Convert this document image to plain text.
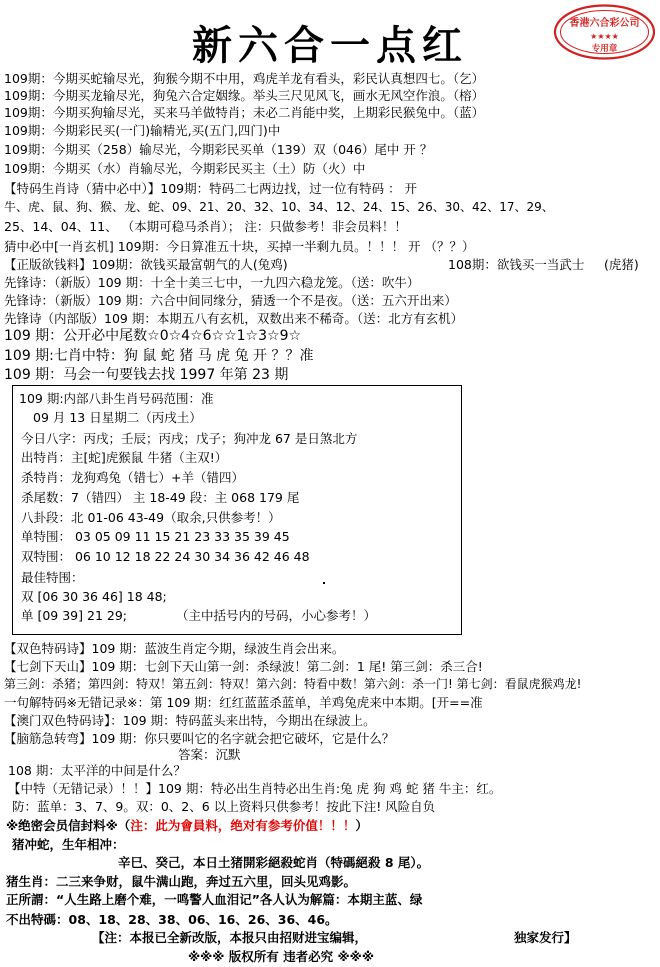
香港六合彩公司
★★★★
专用章
新六合一点红
109期：今期买蛇输尽光，狗猴今期不中用，鸡虎羊龙有看头，彩民认真想四七。（乞）
109期：今期买龙输尽光，狗兔六合定姻缘。举头三尺见风飞，画水无风空作浪。（榕）
109期：今期买狗输尽光，买来马羊做特肖；未必二肖能中奖，上期彩民猴兔中。（蓝）
109期：今期彩民买(一门)输精光,买(五门,四门)中
109期：今期买（258）输尽光，今期彩民买单（139）双（046）尾中 开 ？
109期：今期买（水）肖输尽光，今期彩民买主（土）防（火）中
【特码生肖诗（猜中必中）】109期：特码二七两边找，过一位有特码 ： 开
牛、虎、鼠、狗、猴、龙、蛇、09、21、20、32、10、34、12、24、15、26、30、42、17、29、
25、14、04、11、 （本期可稳马杀肖）； 注：只做参考！非会员料！！
猜中必中[一肖玄机] 109期：今日算准五十块，买掉一半剩九员。！！！ 开 （？？）
【正版欲钱料】109期：欲钱买最富朝气的人(兔鸡)	108期：欲钱买一当武士 (虎猪)
先锋诗：（新版）109 期：十全十美三七中，一九四六稳龙笼。（送：吹牛）
先锋诗：（新版）109 期：六合中间同缘分，猜透一个不是夜。（送：五六开出来）
先锋诗（内部版）109 期：本期五八有玄机，双数出来不稀奇。（送：北方有玄机）
109 期：公开必中尾数☆0☆4☆6☆☆1☆3☆9☆
109 期:七肖中特：狗 鼠 蛇 猪 马 虎 兔 开 ？？准
109 期：马会一句要钱去找 1997 年第 23 期
109 期:内部八卦生肖号码范围：准
09 月 13 日星期二（丙戌土）
今日八字：丙戌；壬辰；丙戌；戊子；狗冲龙 67 是日煞北方
出特肖：主[蛇]虎猴鼠 牛猪（主双!）
杀特肖：龙狗鸡兔（错七）+羊（错四）
杀尾数：7（错四） 主 18-49 段：主 068 179 尾
八卦段：北 01-06 43-49（取余,只供参考！）
单特围： 03 05 09 11 15 21 23 33 35 39 45
双特围： 06 10 12 18 22 24 30 34 36 42 46 48
最佳特围：
双 [06 30 36 46] 18 48;
单 [09 39] 21 29;	（主中括号内的号码，小心参考！）
【双色特码诗】109 期：蓝波生肖定今期，绿波生肖会出来。
【七剑下天山】109 期：七剑下天山第一剑：杀绿波！第二剑：1 尾! 第三剑：杀三合!
第三剑：杀猪；第四剑：特双！第五剑：特双！第六剑：特看中数！第六剑：杀一门! 第七剑：看鼠虎猴鸡龙!
一句解特码※无错记录※：第 109 期：红红蓝蓝杀蓝单，羊鸡兔虎来中本期。[开==准
【澳门双色特码诗】：109 期：特码蓝头来出特，今期出在绿波上。
【脑筋急转弯】109 期：你只要叫它的名字就会把它破坏，它是什么？
答案：沉默
108 期：太平洋的中间是什么？
【中特（无错记录）！！】109 期：特必出生肖特必出生肖:兔 虎 狗 鸡 蛇 猪 牛主：红。
防：蓝单：3、7、9。双：0、2、6 以上资料只供参考！按此下注! 风险自负
※绝密会员信封料※（注：此为會員料，绝对有参考价值！！！）
猪冲蛇，生年相冲：
辛巳、癸己，本日土猪開彩絕殺蛇肖（特碼絕殺 8 尾）。
猪生肖：二三来争财，鼠牛满山跑，奔过五六里，回头见鸡影。
正所謂：“人生路上磨个难，一鸣警人血泪记”各人认为解篇：本期主蓝、绿
不出特碼：08、18、28、38、06、16、26、36、46。
【注：本报已全新改版，本报只由招财进宝编辑，	独家发行】
※※※ 版权所有 违者必究 ※※※
